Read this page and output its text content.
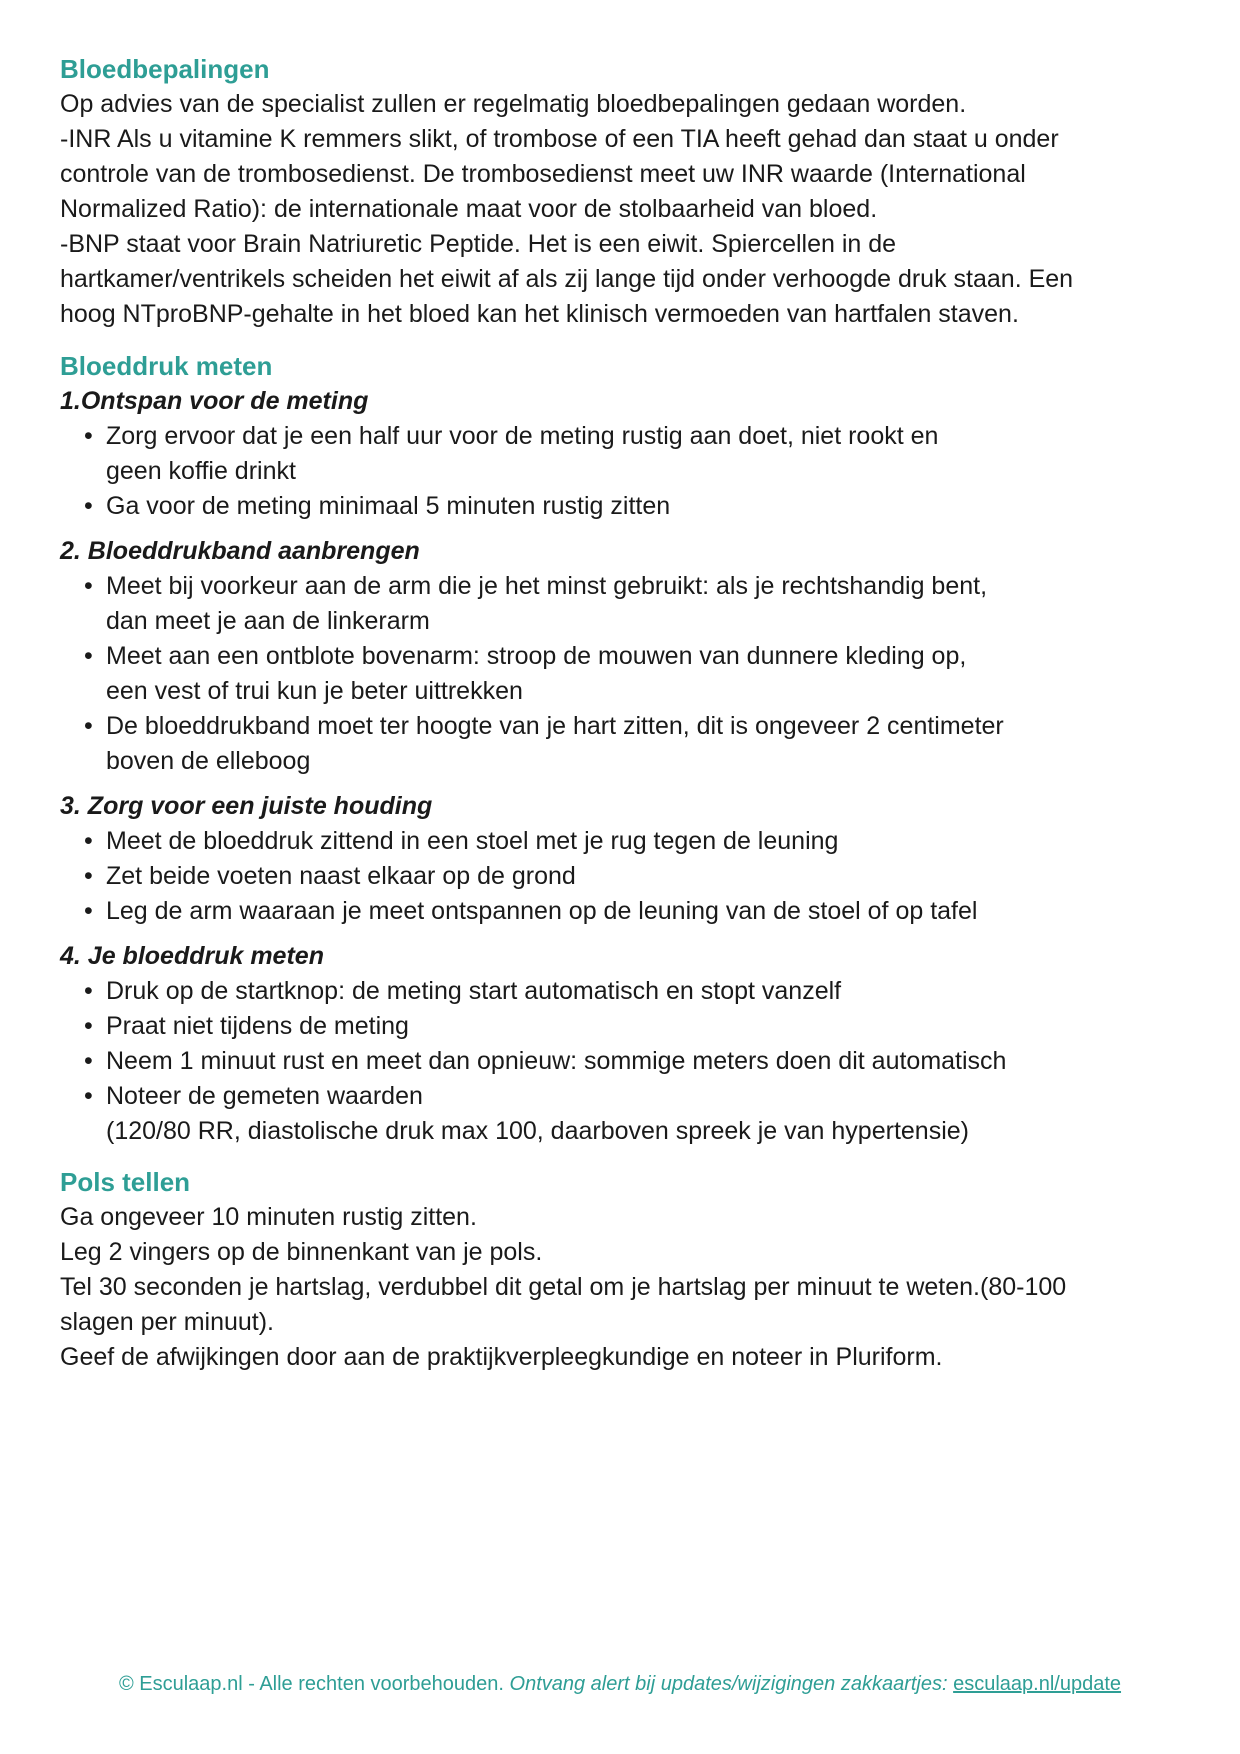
Bloedbepalingen

Op advies van de specialist zullen er regelmatig bloedbepalingen gedaan worden.

-INR Als u vitamine K remmers slikt, of trombose of een TIA heeft gehad dan staat u onder

controle van de trombosedienst. De trombosedienst meet uw INR waarde (International

Normalized Ratio): de internationale maat voor de stolbaarheid van bloed.

-BNP staat voor Brain Natriuretic Peptide. Het is een eiwit. Spiercellen in de

hartkamer/ventrikels scheiden het eiwit af als zij lange tijd onder verhoogde druk staan. Een

hoog NTproBNP-gehalte in het bloed kan het klinisch vermoeden van hartfalen staven.

Bloeddruk meten

1.Ontspan voor de meting

• Zorg ervoor dat je een half uur voor de meting rustig aan doet, niet rookt en
geen koffie drinkt
• Ga voor de meting minimaal 5 minuten rustig zitten

2. Bloeddrukband aanbrengen

• Meet bij voorkeur aan de arm die je het minst gebruikt: als je rechtshandig bent,
dan meet je aan de linkerarm
• Meet aan een ontblote bovenarm: stroop de mouwen van dunnere kleding op,
een vest of trui kun je beter uittrekken
• De bloeddrukband moet ter hoogte van je hart zitten, dit is ongeveer 2 centimeter
boven de elleboog

3. Zorg voor een juiste houding

• Meet de bloeddruk zittend in een stoel met je rug tegen de leuning
• Zet beide voeten naast elkaar op de grond
• Leg de arm waaraan je meet ontspannen op de leuning van de stoel of op tafel

4. Je bloeddruk meten

• Druk op de startknop: de meting start automatisch en stopt vanzelf
• Praat niet tijdens de meting
• Neem 1 minuut rust en meet dan opnieuw: sommige meters doen dit automatisch
• Noteer de gemeten waarden
(120/80 RR, diastolische druk max 100, daarboven spreek je van hypertensie)

Pols tellen

Ga ongeveer 10 minuten rustig zitten.

Leg 2 vingers op de binnenkant van je pols.

Tel 30 seconden je hartslag, verdubbel dit getal om je hartslag per minuut te weten.(80-100

slagen per minuut).

Geef de afwijkingen door aan de praktijkverpleegkundige en noteer in Pluriform.

© Esculaap.nl - Alle rechten voorbehouden. Ontvang alert bij updates/wijzigingen zakkaartjes: esculaap.nl/update
